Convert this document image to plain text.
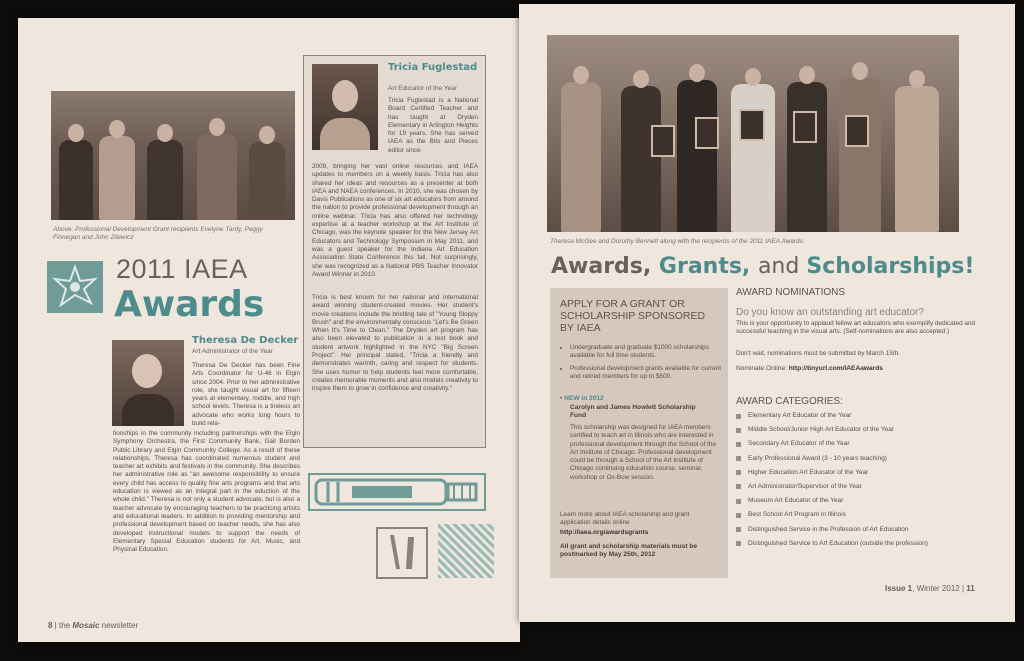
Above: Professional Development Grant recipients Evelyne Tardy, Peggy Finnegan and John Zilewicz
2011 IAEA
Awards
Tricia Fuglestad
Art Educator of the Year
Tricia Fuglestad is a National Board Certified Teacher and has taught at Dryden Elementary in Arlington Heights for 19 years. She has served IAEA as the Bits and Pieces editor since
2009, bringing her vast online resources and IAEA updates to members on a weekly basis. Tricia has also shared her ideas and resources as a presenter at both IAEA and NAEA conferences. In 2010, she was chosen by Davis Publications as one of six art educators from around the nation to provide professional development through an online webinar. Tricia has also offered her technology expertise at a teacher workshop at the Art Institute of Chicago, was the keynote speaker for the New Jersey Art Educators and Technology Symposium in May 2011, and was a guest speaker for the Indiana Art Education Association State Conference this fall. Not surprisingly, she was recognized as a National PBS Teacher Innovator Award Winner in 2010.
Tricia is best known for her national and international award winning student-created movies. Her student's movie creations include the bristling tale of "Young Sloppy Brush" and the environmentally conscious "Let's Be Green When It's Time to Clean." The Dryden art program has also been elevated to publication in a text book and student artwork highlighted in the NYC "Big Screen Project". Her principal stated, "Tricia a friendly and demonstrates warmth, caring and respect for students. She uses humor to help students feel more comfortable, creates memorable moments and also models creativity to inspire them to grow in confidence and creativity."
Theresa De Decker
Art Administrator of the Year
Theresa De Decker has been Fine Arts Coordinator for U-46 in Elgin since 2004. Prior to her administrative role, she taught visual art for fifteen years at elementary, middle, and high school levels. Theresa is a tireless art advocate who works long hours to build rela-
tionships in the community including partnerships with the Elgin Symphony Orchestra, the First Community Bank, Gail Borden Public Library and Elgin Community College. As a result of these relationships, Theresa has coordinated numerous student and teacher art exhibits and festivals in the community. She describes her administrative role as "an awesome responsibility to ensure every child has access to quality fine arts programs and that arts education is viewed as an integral part in the eduction of the whole child." Theresa is not only a student advocate, but is also a teacher advocate by encouraging teachers to be practicing artists and educational leaders. In addition to providing mentorship and professional development based on teacher needs, she has also developed instructional models to support the needs of Elementary Special Education students for Art, Music, and Physical Education.
8 | the Mosaic newsletter
Theresa McGee and Dorothy Bennett along with the recipients of the 2011 IAEA Awards.
Awards, Grants, and Scholarships!
APPLY FOR A GRANT OR SCHOLARSHIP SPONSORED BY IAEA
• Undergraduate and graduate $1000 scholarships available for full time students.
• Professional development grants available for current and retired members for up to $500.
• NEW in 2012
Carolyn and James Howlett Scholarship Fund
This scholarship was designed for IAEA members certified to teach art in Illinois who are interested in professional development through the School of the Art Institute of Chicago. Professional development could be through a School of the Art Institute of Chicago continuing education course, seminar, workshop or Ox-Bow session.
Learn more about IAEA scholarship and grant application details online
http://iaea.org/awardsgrants
All grant and scholarship materials must be postmarked by May 25th, 2012
AWARD NOMINATIONS
Do you know an outstanding art educator?
This is your opportunity to applaud fellow art educators who exemplify dedicated and successful teaching in the visual arts. (Self-nominations are also accepted.)
Don't wait, nominations must be submitted by March 15th.
Nominate Online: http://tinyurl.com/IAEAawards
AWARD CATEGORIES:
Elementary Art Educator of the Year
Middle School/Junior High Art Educator of the Year
Secondary Art Educator of the Year
Early Professional Award (3 - 10 years teaching)
Higher Education Art Educator of the Year
Art Administrator/Supervisor of the Year
Museum Art Educator of the Year
Best School Art Program in Illinois
Distinguished Service in the Profession of Art Education
Distinguished Service to Art Education (outside the profession)
Issue 1, Winter 2012 | 11
